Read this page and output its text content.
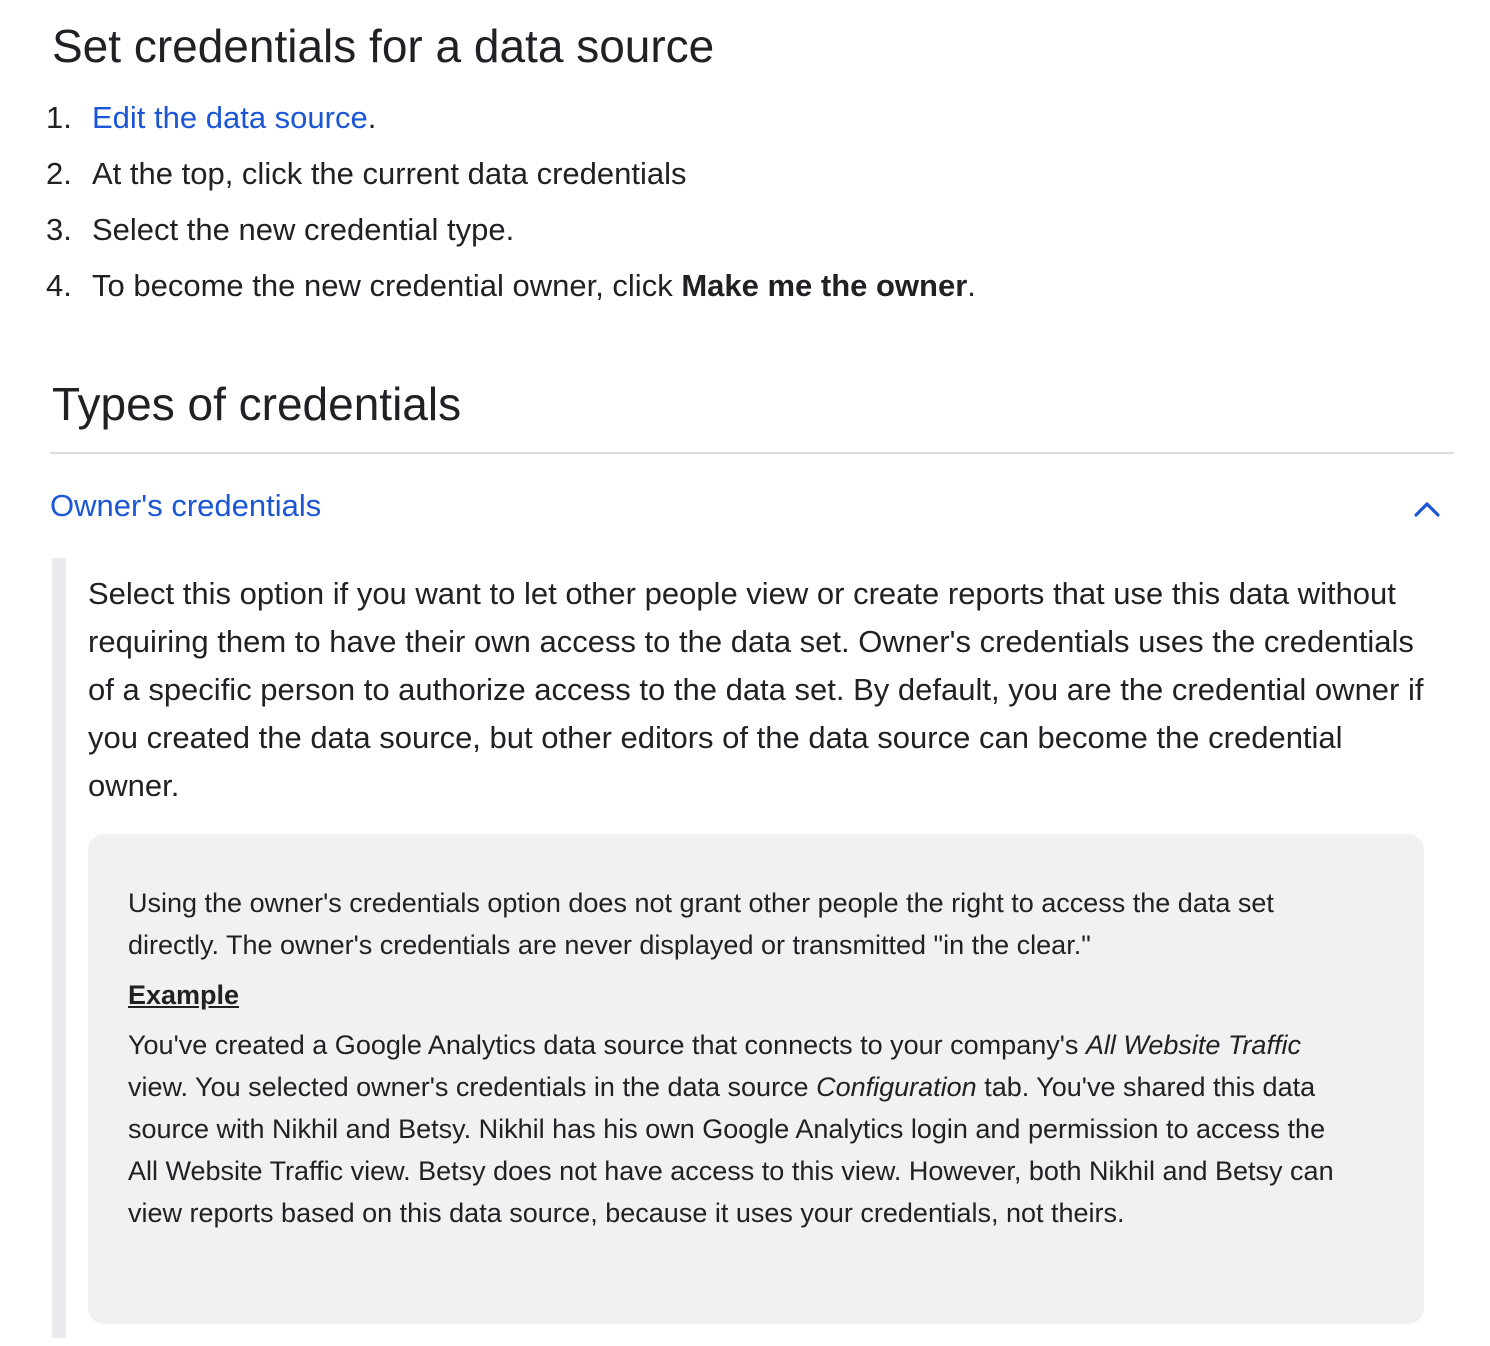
Set credentials for a data source
1. Edit the data source.
2. At the top, click the current data credentials
3. Select the new credential type.
4. To become the new credential owner, click Make me the owner.
Types of credentials
Owner's credentials

Select this option if you want to let other people view or create reports that use this data without requiring them to have their own access to the data set. Owner's credentials uses the credentials of a specific person to authorize access to the data set. By default, you are the credential owner if you created the data source, but other editors of the data source can become the credential owner.

Using the owner's credentials option does not grant other people the right to access the data set directly. The owner's credentials are never displayed or transmitted "in the clear."

Example

You've created a Google Analytics data source that connects to your company's All Website Traffic view. You selected owner's credentials in the data source Configuration tab. You've shared this data source with Nikhil and Betsy. Nikhil has his own Google Analytics login and permission to access the All Website Traffic view. Betsy does not have access to this view. However, both Nikhil and Betsy can view reports based on this data source, because it uses your credentials, not theirs.
